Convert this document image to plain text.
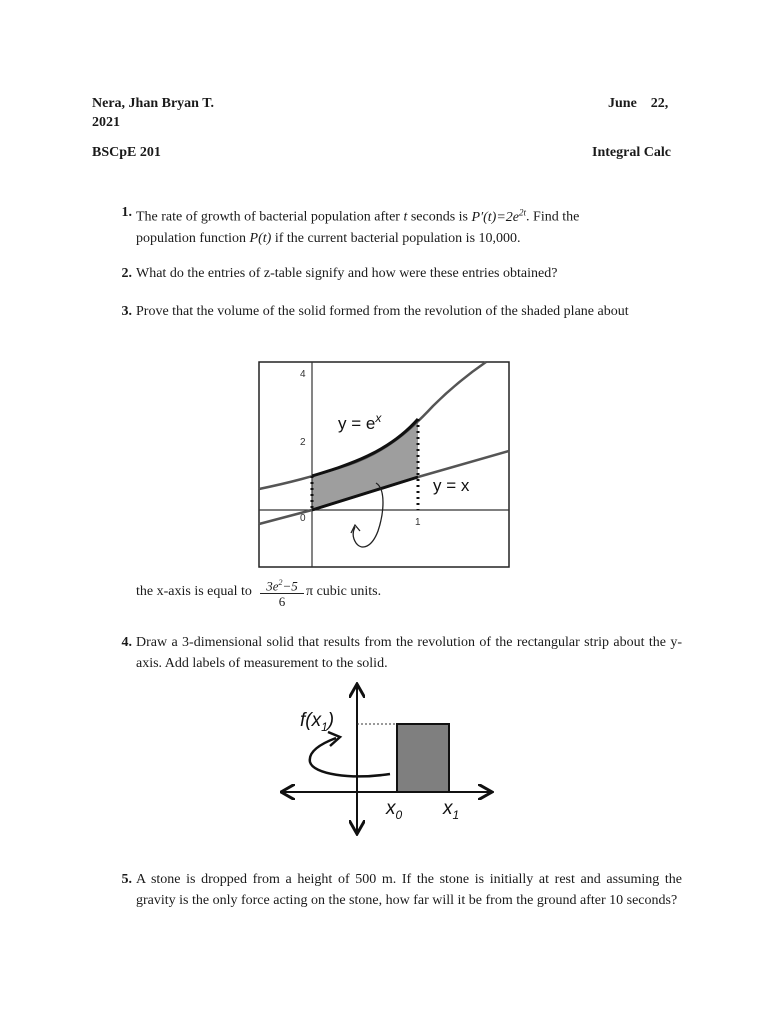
Nera, Jhan Bryan T.	June    22,
2021
BSCpE 201	Integral Calc
1. The rate of growth of bacterial population after t seconds is $P'(t)=2e^{2t}$. Find the
population function P(t) if the current bacterial population is 10,000.
2. What do the entries of z-table signify and how were these entries obtained?
3. Prove that the volume of the solid formed from the revolution of the shaded plane about
4
2
0	1
$y = e^x$
y = x
the x-axis is equal to	$3e^2-5$
6
π cubic units.
4. Draw a 3-dimensional solid that results from the revolution of the rectangular strip about the y-axis. Add labels of measurement to the solid.
$f(x_1)$
$x_0$ $x_1$
5. A stone is dropped from a height of 500 m. If the stone is initially at rest and assuming the gravity is the only force acting on the stone, how far will it be from the ground after 10 seconds?
